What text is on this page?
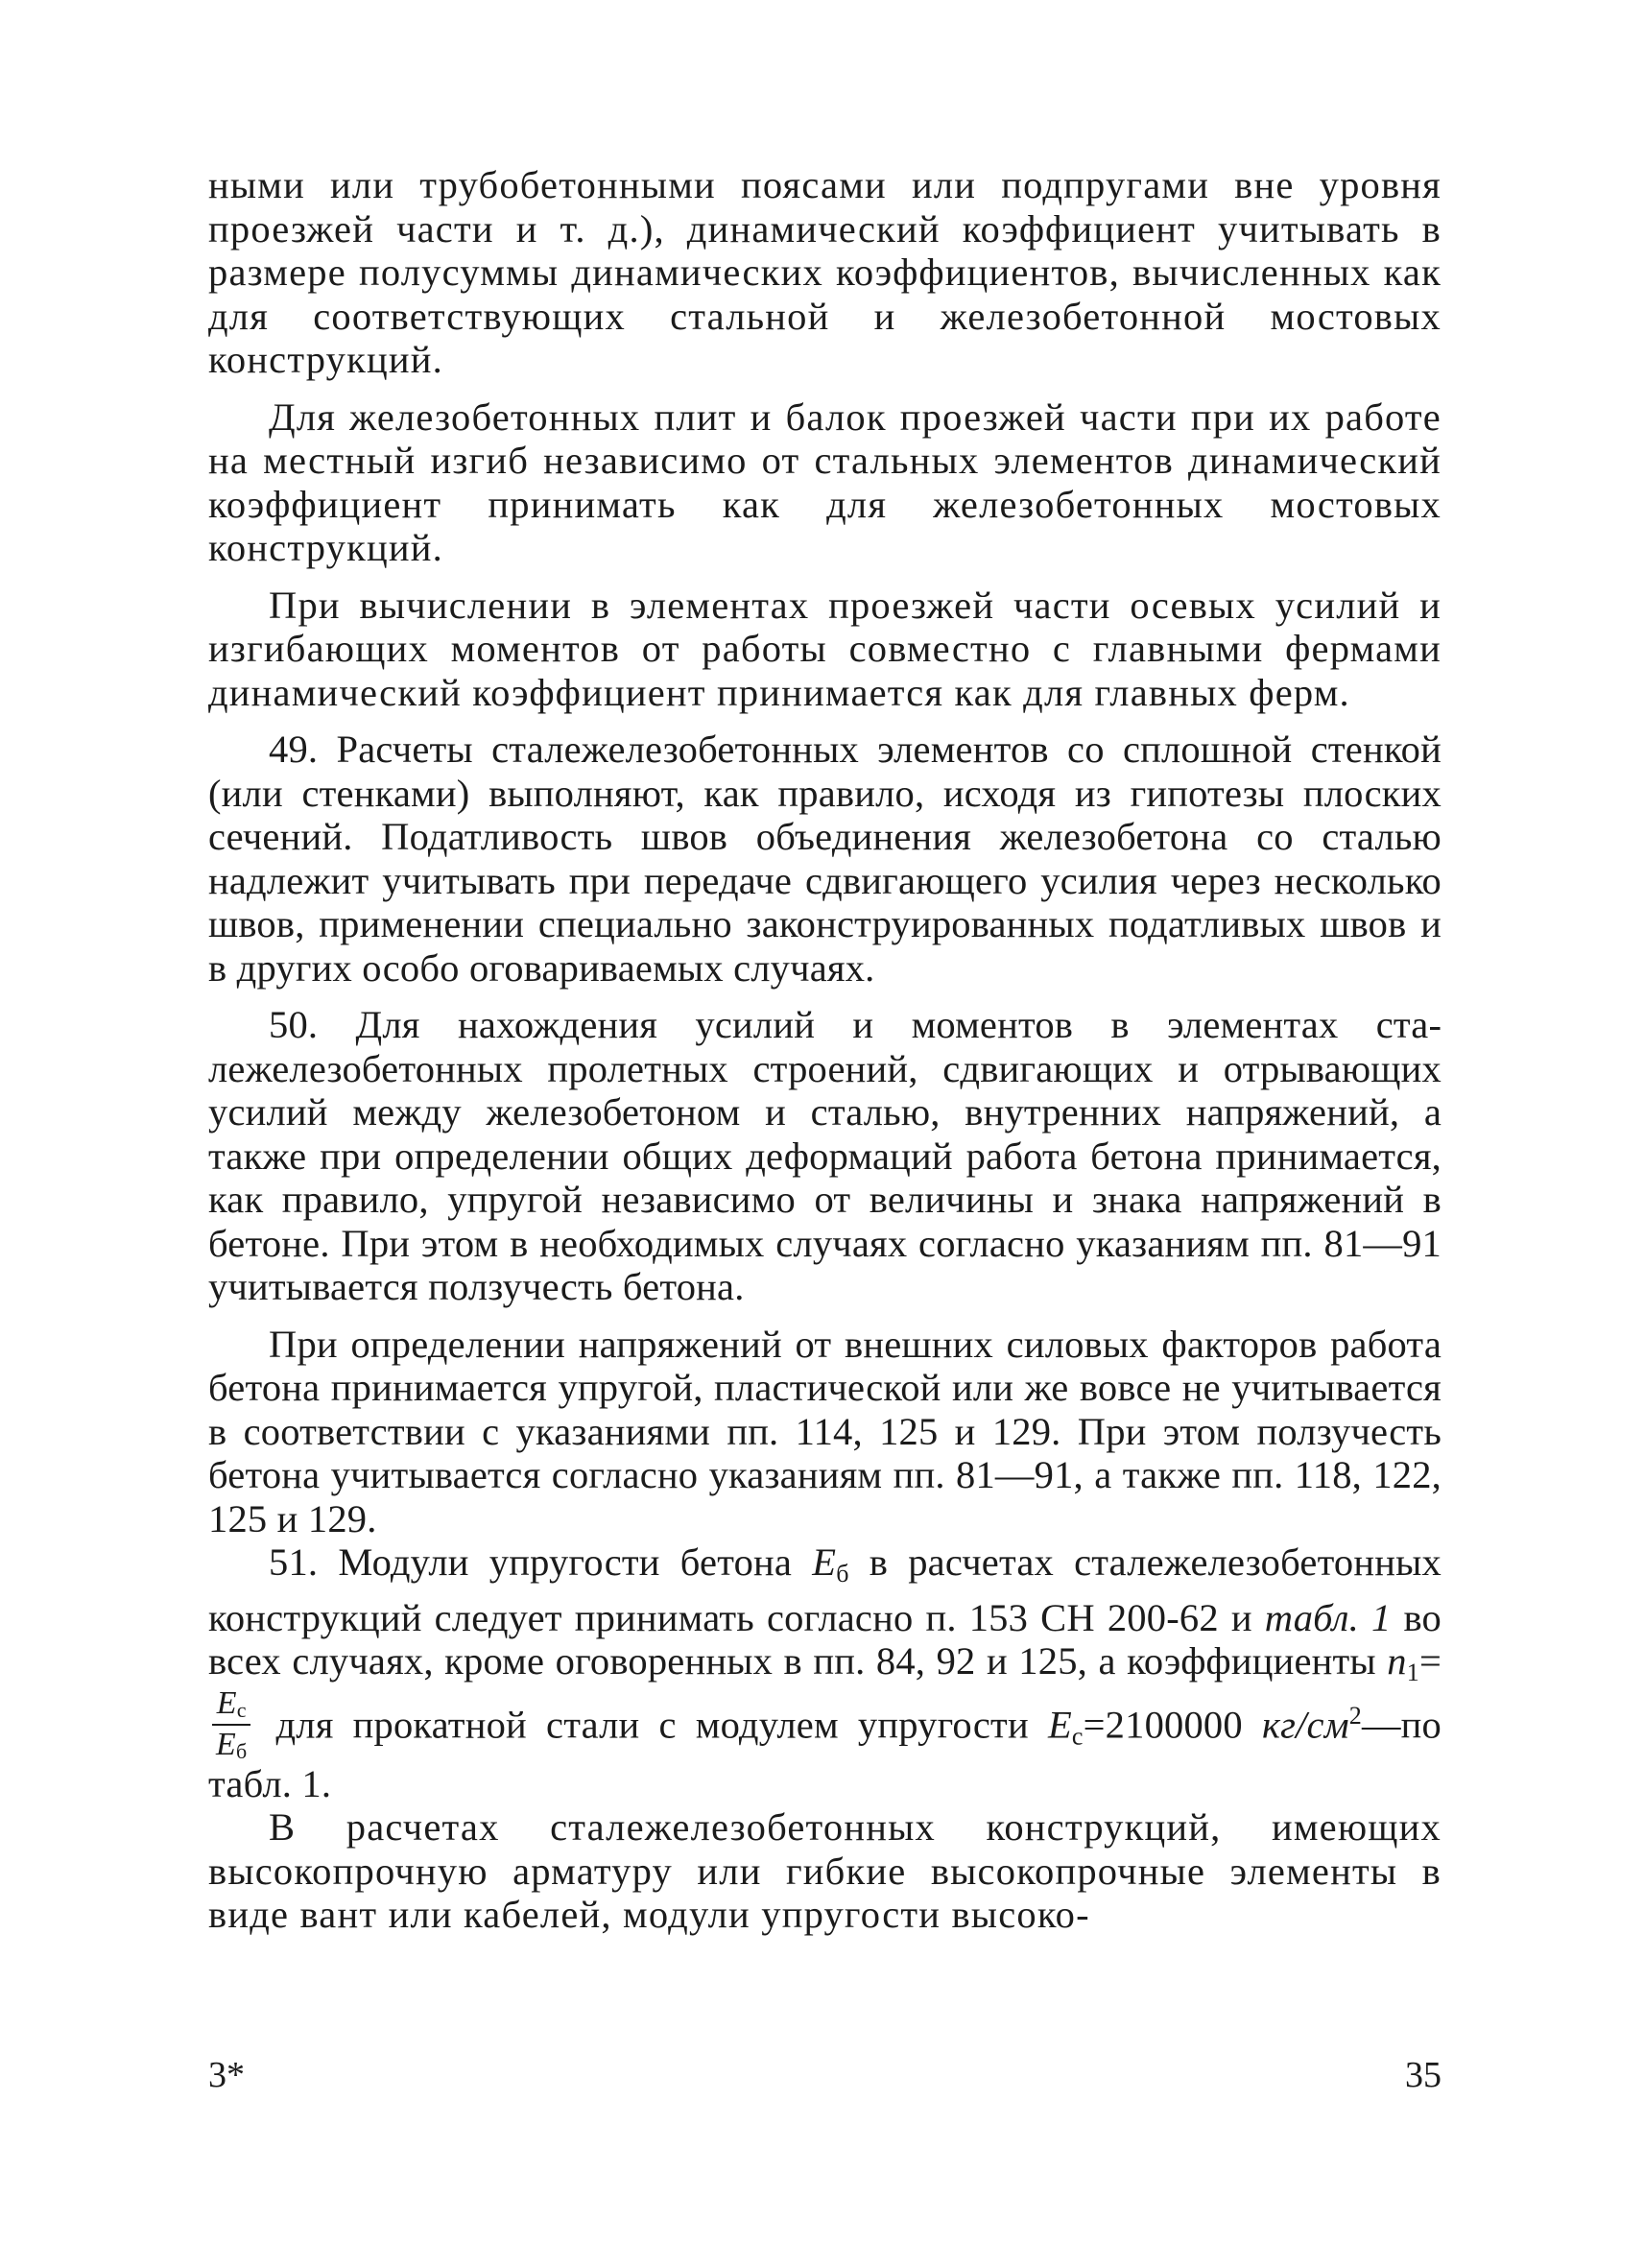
ными или трубобетонными поясами или подпругами вне уровня проезжей части и т. д.), динамический коэффициент учитывать в размере полусуммы динамических коэффициентов, вычисленных как для соответствующих стальной и железобетонной мостовых конструкций.

Для железобетонных плит и балок проезжей части при их работе на местный изгиб независимо от стальных элементов динамический коэффициент принимать как для железобетонных мостовых конструкций.

При вычислении в элементах проезжей части осевых усилий и изгибающих моментов от работы совместно с главными фермами динамический коэффициент принимается как для главных ферм.

49. Расчеты сталежелезобетонных элементов со сплошной стенкой (или стенками) выполняют, как правило, исходя из гипотезы плоских сечений. Податливость швов объединения железобетона со сталью надлежит учитывать при передаче сдвигающего усилия через несколько швов, применении специально законструированных податливых швов и в других особо оговариваемых случаях.

50. Для нахождения усилий и моментов в элементах сталежелезобетонных пролетных строений, сдвигающих и отрывающих усилий между железобетоном и сталью, внутренних напряжений, а также при определении общих деформаций работа бетона принимается, как правило, упругой независимо от величины и знака напряжений в бетоне. При этом в необходимых случаях согласно указаниям пп. 81—91 учитывается ползучесть бетона.

При определении напряжений от внешних силовых факторов работа бетона принимается упругой, пластической или же вовсе не учитывается в соответствии с указаниями пп. 114, 125 и 129. При этом ползучесть бетона учитывается согласно указаниям пп. 81—91, а также пп. 118, 122, 125 и 129.

51. Модули упругости бетона $E_б$ в расчетах сталежелезобетонных конструкций следует принимать согласно п. 153 СН 200-62 и табл. 1 во всех случаях, кроме оговоренных в пп. 84, 92 и 125, а коэффициенты $n_1=$
$\frac{Ec}{Eб}$ для прокатной стали с модулем упругости $E_c=2100000$ $кг/см^2—по$ табл. 1.

В расчетах сталежелезобетонных конструкций, имеющих высокопрочную арматуру или гибкие высокопрочные элементы в виде вант или кабелей, модули упругости высоко-

3*	35
